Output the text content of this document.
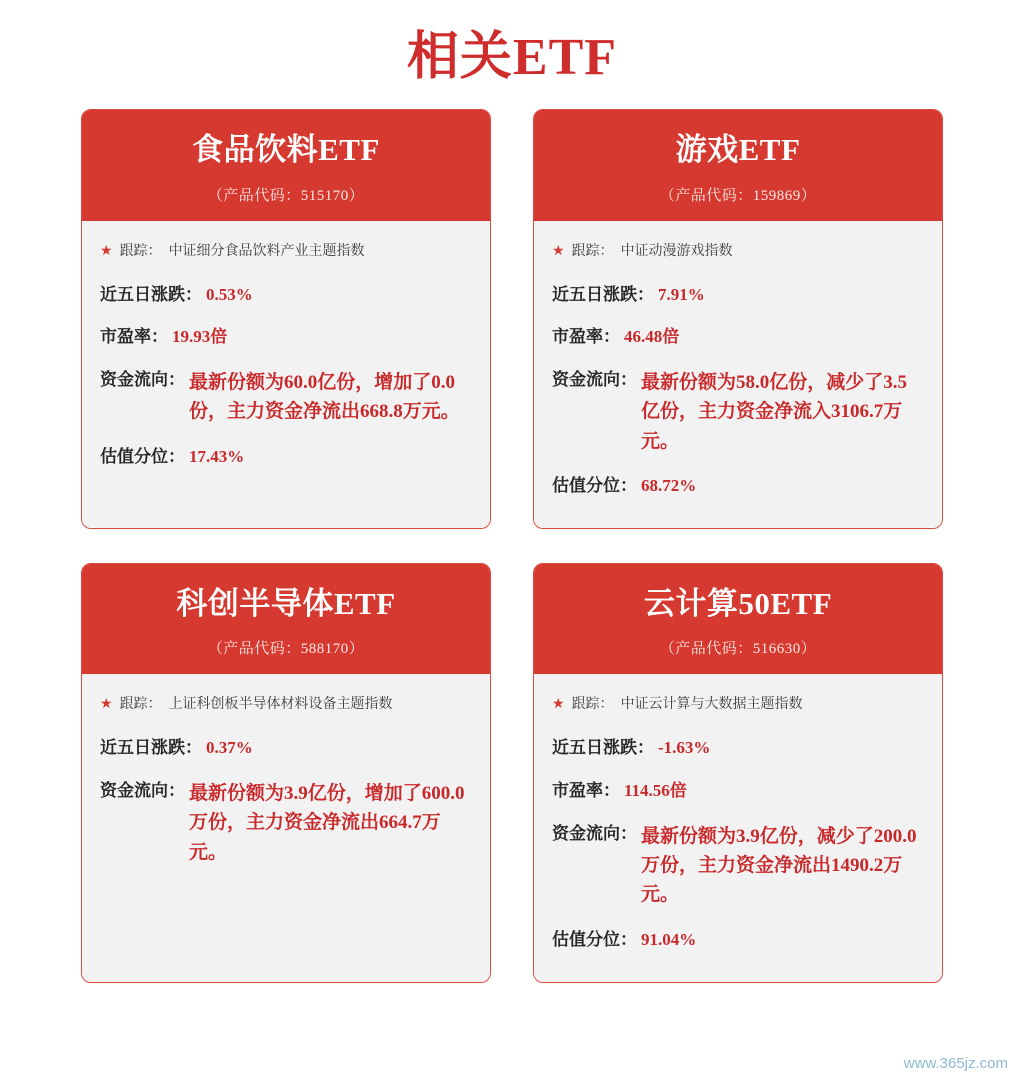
相关ETF
食品饮料ETF
（产品代码：515170）
★ 跟踪： 中证细分食品饮料产业主题指数
近五日涨跌： 0.53%
市盈率： 19.93倍
资金流向： 最新份额为60.0亿份，增加了0.0份，主力资金净流出668.8万元。
估值分位： 17.43%
游戏ETF
（产品代码：159869）
★ 跟踪： 中证动漫游戏指数
近五日涨跌： 7.91%
市盈率： 46.48倍
资金流向： 最新份额为58.0亿份，减少了3.5亿份，主力资金净流入3106.7万元。
估值分位： 68.72%
科创半导体ETF
（产品代码：588170）
★ 跟踪： 上证科创板半导体材料设备主题指数
近五日涨跌： 0.37%
资金流向： 最新份额为3.9亿份，增加了600.0万份，主力资金净流出664.7万元。
云计算50ETF
（产品代码：516630）
★ 跟踪： 中证云计算与大数据主题指数
近五日涨跌： -1.63%
市盈率： 114.56倍
资金流向： 最新份额为3.9亿份，减少了200.0万份，主力资金净流出1490.2万元。
估值分位： 91.04%
www.365jz.com
